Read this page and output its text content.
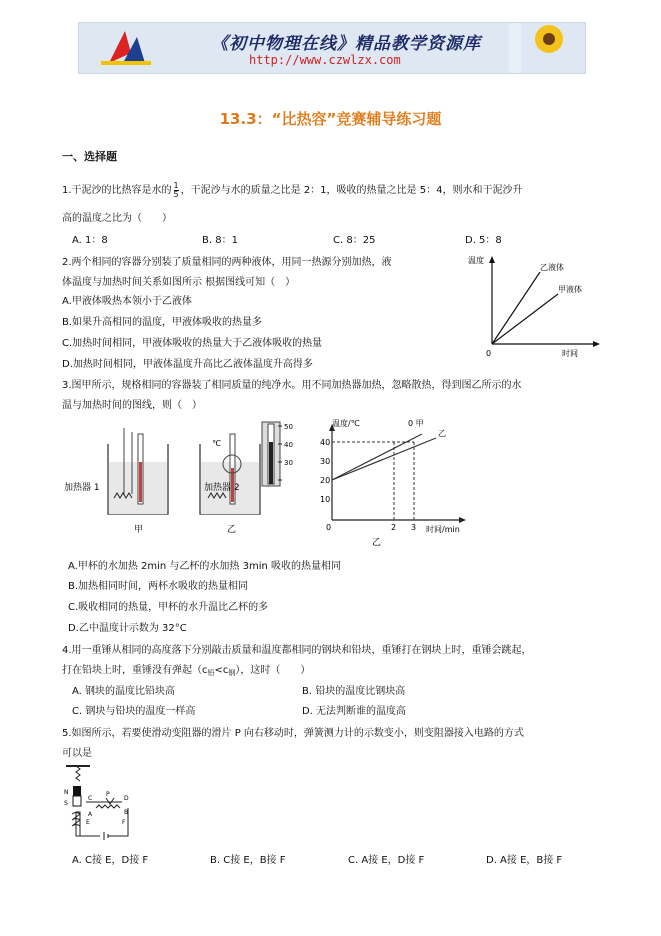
《初中物理在线》精品教学资源库
http://www.czwlzx.com
13.3：“比热容”竞赛辅导练习题
一、选择题
1.干泥沙的比热容是水的 $\frac{1}{5}$ ，干泥沙与水的质量之比是 2：1，吸收的热量之比是 5：4，则水和干泥沙升
高的温度之比为（　　）
A. 1：8	B. 8：1	C. 8：25	D. 5：8
2.两个相同的容器分别装了质量相同的两种液体，用同一热源分别加热，液
体温度与加热时间关系如图所示 根据图线可知（　）
A.甲液体吸热本领小于乙液体
B.如果升高相同的温度，甲液体吸收的热量多
C.加热时间相同，甲液体吸收的热量大于乙液体吸收的热量
D.加热时间相同，甲液体温度升高比乙液体温度升高得多
温度
时间
0
乙液体
甲液体
3.图甲所示，规格相同的容器装了相同质量的纯净水。用不同加热器加热，忽略散热，得到图乙所示的水
温与加热时间的图线，则（　）
加热器 1
甲
℃
加热器 2
乙
50
40
30
温度/℃
时间/min
40
30
20
10
0	2 3
0 甲
乙
乙
A.甲杯的水加热 2min 与乙杯的水加热 3min 吸收的热量相同
B.加热相同时间，两杯水吸收的热量相同
C.吸收相同的热量，甲杯的水升温比乙杯的多
D.乙中温度计示数为 32°C
4.用一重锤从相同的高度落下分别敲击质量和温度都相同的钢块和铅块，重锤打在钢块上时，重锤会跳起，
打在铅块上时，重锤没有弹起$(c_铅<c_钢)$，这时（　　）
A. 钢块的温度比铅块高	B. 铅块的温度比钢块高
C. 钢块与铅块的温度一样高	D. 无法判断谁的温度高
5.如图所示，若要使滑动变阻器的滑片 P 向右移动时，弹簧测力计的示数变小，则变阻器接入电路的方式
可以是
N
S
C
P
D
A	B
E	F
A. C接 E，D接 F	B. C接 E，B接 F	C. A接 E，D接 F	D. A接 E，B接 F
